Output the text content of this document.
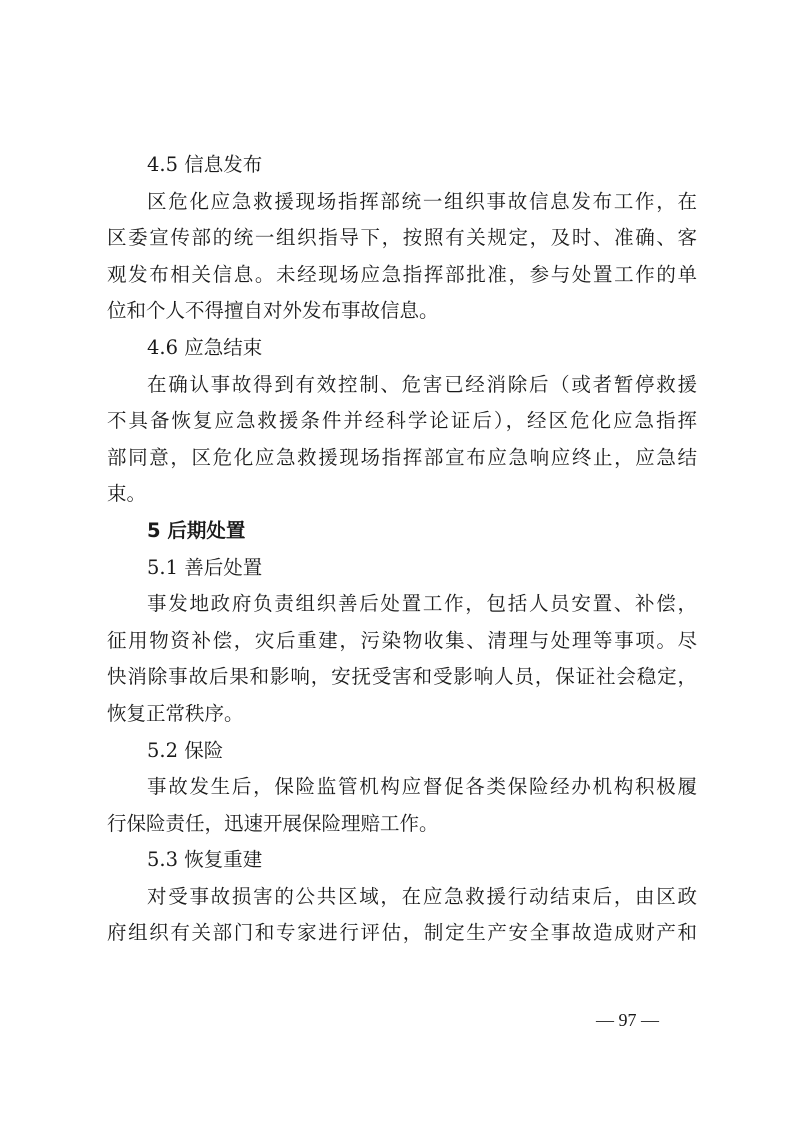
4.5 信息发布
区危化应急救援现场指挥部统一组织事故信息发布工作，在
区委宣传部的统一组织指导下，按照有关规定，及时、准确、客
观发布相关信息。未经现场应急指挥部批准，参与处置工作的单
位和个人不得擅自对外发布事故信息。
4.6 应急结束
在确认事故得到有效控制、危害已经消除后（或者暂停救援
不具备恢复应急救援条件并经科学论证后），经区危化应急指挥
部同意，区危化应急救援现场指挥部宣布应急响应终止，应急结
束。
5 后期处置
5.1 善后处置
事发地政府负责组织善后处置工作，包括人员安置、补偿，
征用物资补偿，灾后重建，污染物收集、清理与处理等事项。尽
快消除事故后果和影响，安抚受害和受影响人员，保证社会稳定，
恢复正常秩序。
5.2 保险
事故发生后，保险监管机构应督促各类保险经办机构积极履
行保险责任，迅速开展保险理赔工作。
5.3 恢复重建
对受事故损害的公共区域，在应急救援行动结束后，由区政
府组织有关部门和专家进行评估，制定生产安全事故造成财产和
— 97 —
